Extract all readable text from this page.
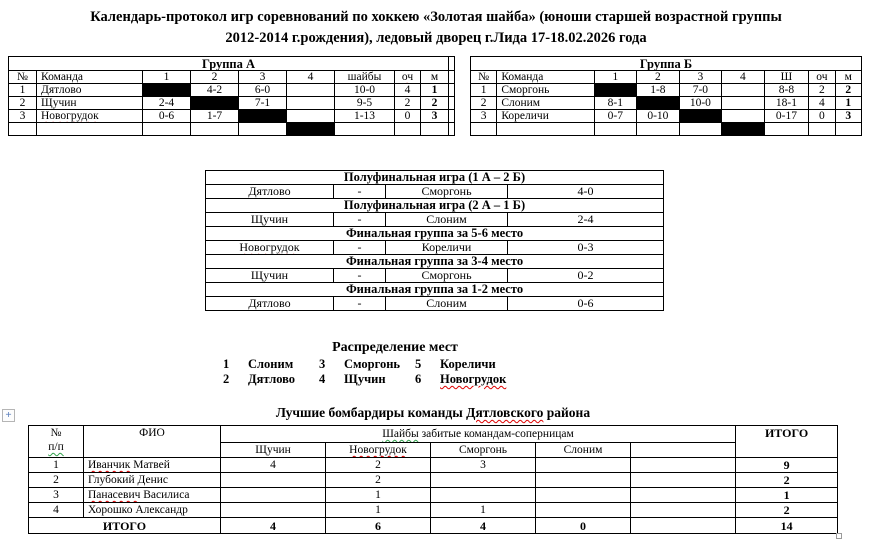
Календарь-протокол игр соревнований по хоккею «Золотая шайба» (юноши старшей возрастной группы
2012-2014 г.рождения), ледовый дворец г.Лида 17-18.02.2026 года
Группа А									
№	Команда	1	2	3	4	шайбы	оч	м	
1	Дятлово		4-2	6-0		10-0	4	1	
2	Щучин	2-4		7-1		9-5	2	2	
3	Новогрудок	0-6	1-7			1-13	0	3	

Группа Б								
№	Команда	1	2	3	4	Ш	оч	м
1	Сморгонь		1-8	7-0		8-8	2	2
2	Слоним	8-1		10-0		18-1	4	1
3	Кореличи	0-7	0-10			0-17	0	3

Полуфинальная игра (1 А – 2 Б)			
Дятлово	-	Сморгонь	4-0
Полуфинальная игра (2 А – 1 Б)			
Щучин	-	Слоним	2-4
Финальная группа за 5-6 место			
Новогрудок	-	Кореличи	0-3
Финальная группа за 3-4 место			
Щучин	-	Сморгонь	0-2
Финальная группа за 1-2 место			
Дятлово	-	Слоним	0-6
Распределение мест
1	Слоним 3	Сморгонь 5	Кореличи
2	Дятлово 4	Щучин 6	Новогрудок
Лучшие бомбардиры команды Дятловского района
+
№
п/п	ФИО	Шайбы забитые командам-соперницам					ИТОГО
		Щучин	Новогрудок	Сморгонь	Слоним		
1	Иванчик Матвей	4	2	3			9
2	Глубокий Денис		2				2
3	Панасевич Василиса		1				1
4	Хорошко Александр		1	1			2
ИТОГО		4	6	4	0		14
